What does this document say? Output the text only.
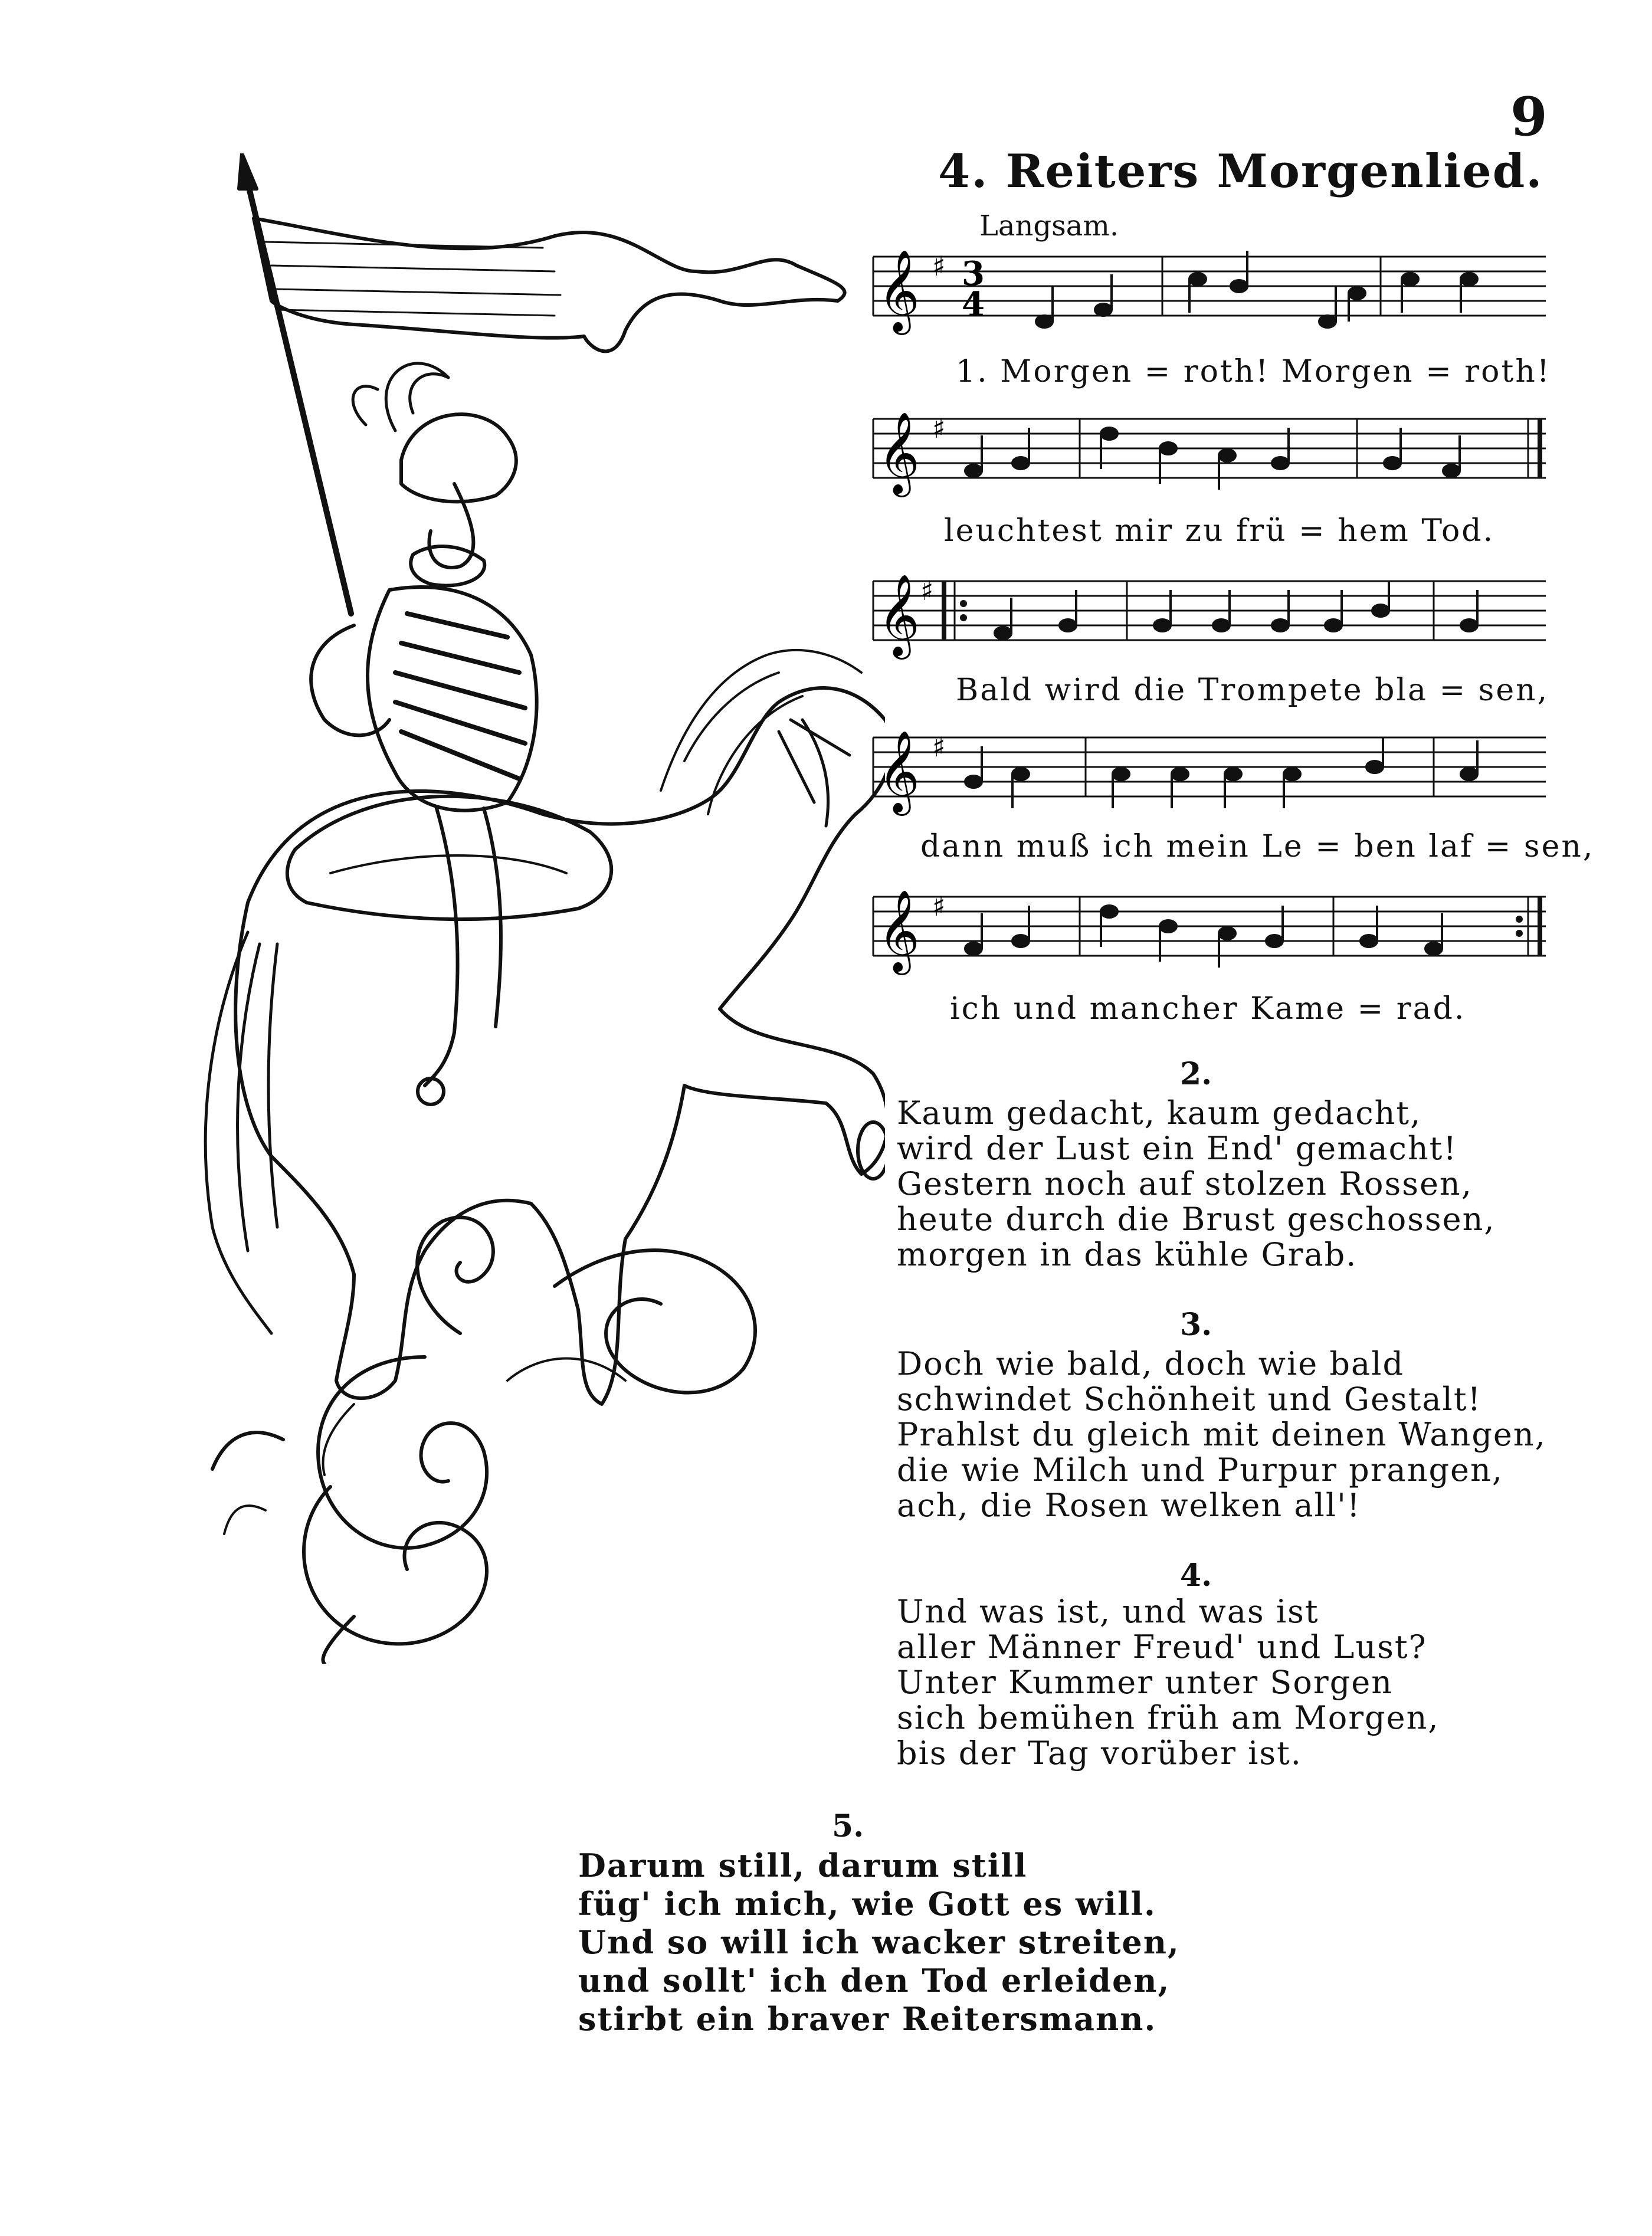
9
4. Reiters Morgenlied.
Langsam.
𝄞 ♯ 3
4
1. Morgen = roth! Morgen = roth!
𝄞 ♯
leuchtest mir zu frü = hem Tod.
𝄞 ♯
Bald wird die Trompete bla = sen,
𝄞 ♯
dann muß ich mein Le = ben laf = sen,
𝄞 ♯
ich und mancher Kame = rad.
2.
Kaum gedacht, kaum gedacht,
wird der Lust ein End' gemacht!
Gestern noch auf stolzen Rossen,
heute durch die Brust geschossen,
morgen in das kühle Grab.
3.
Doch wie bald, doch wie bald
schwindet Schönheit und Gestalt!
Prahlst du gleich mit deinen Wangen,
die wie Milch und Purpur prangen,
ach, die Rosen welken all'!
4.
Und was ist, und was ist
aller Männer Freud' und Lust?
Unter Kummer unter Sorgen
sich bemühen früh am Morgen,
bis der Tag vorüber ist.
5.
Darum still, darum still
füg' ich mich, wie Gott es will.
Und so will ich wacker streiten,
und sollt' ich den Tod erleiden,
stirbt ein braver Reitersmann.
